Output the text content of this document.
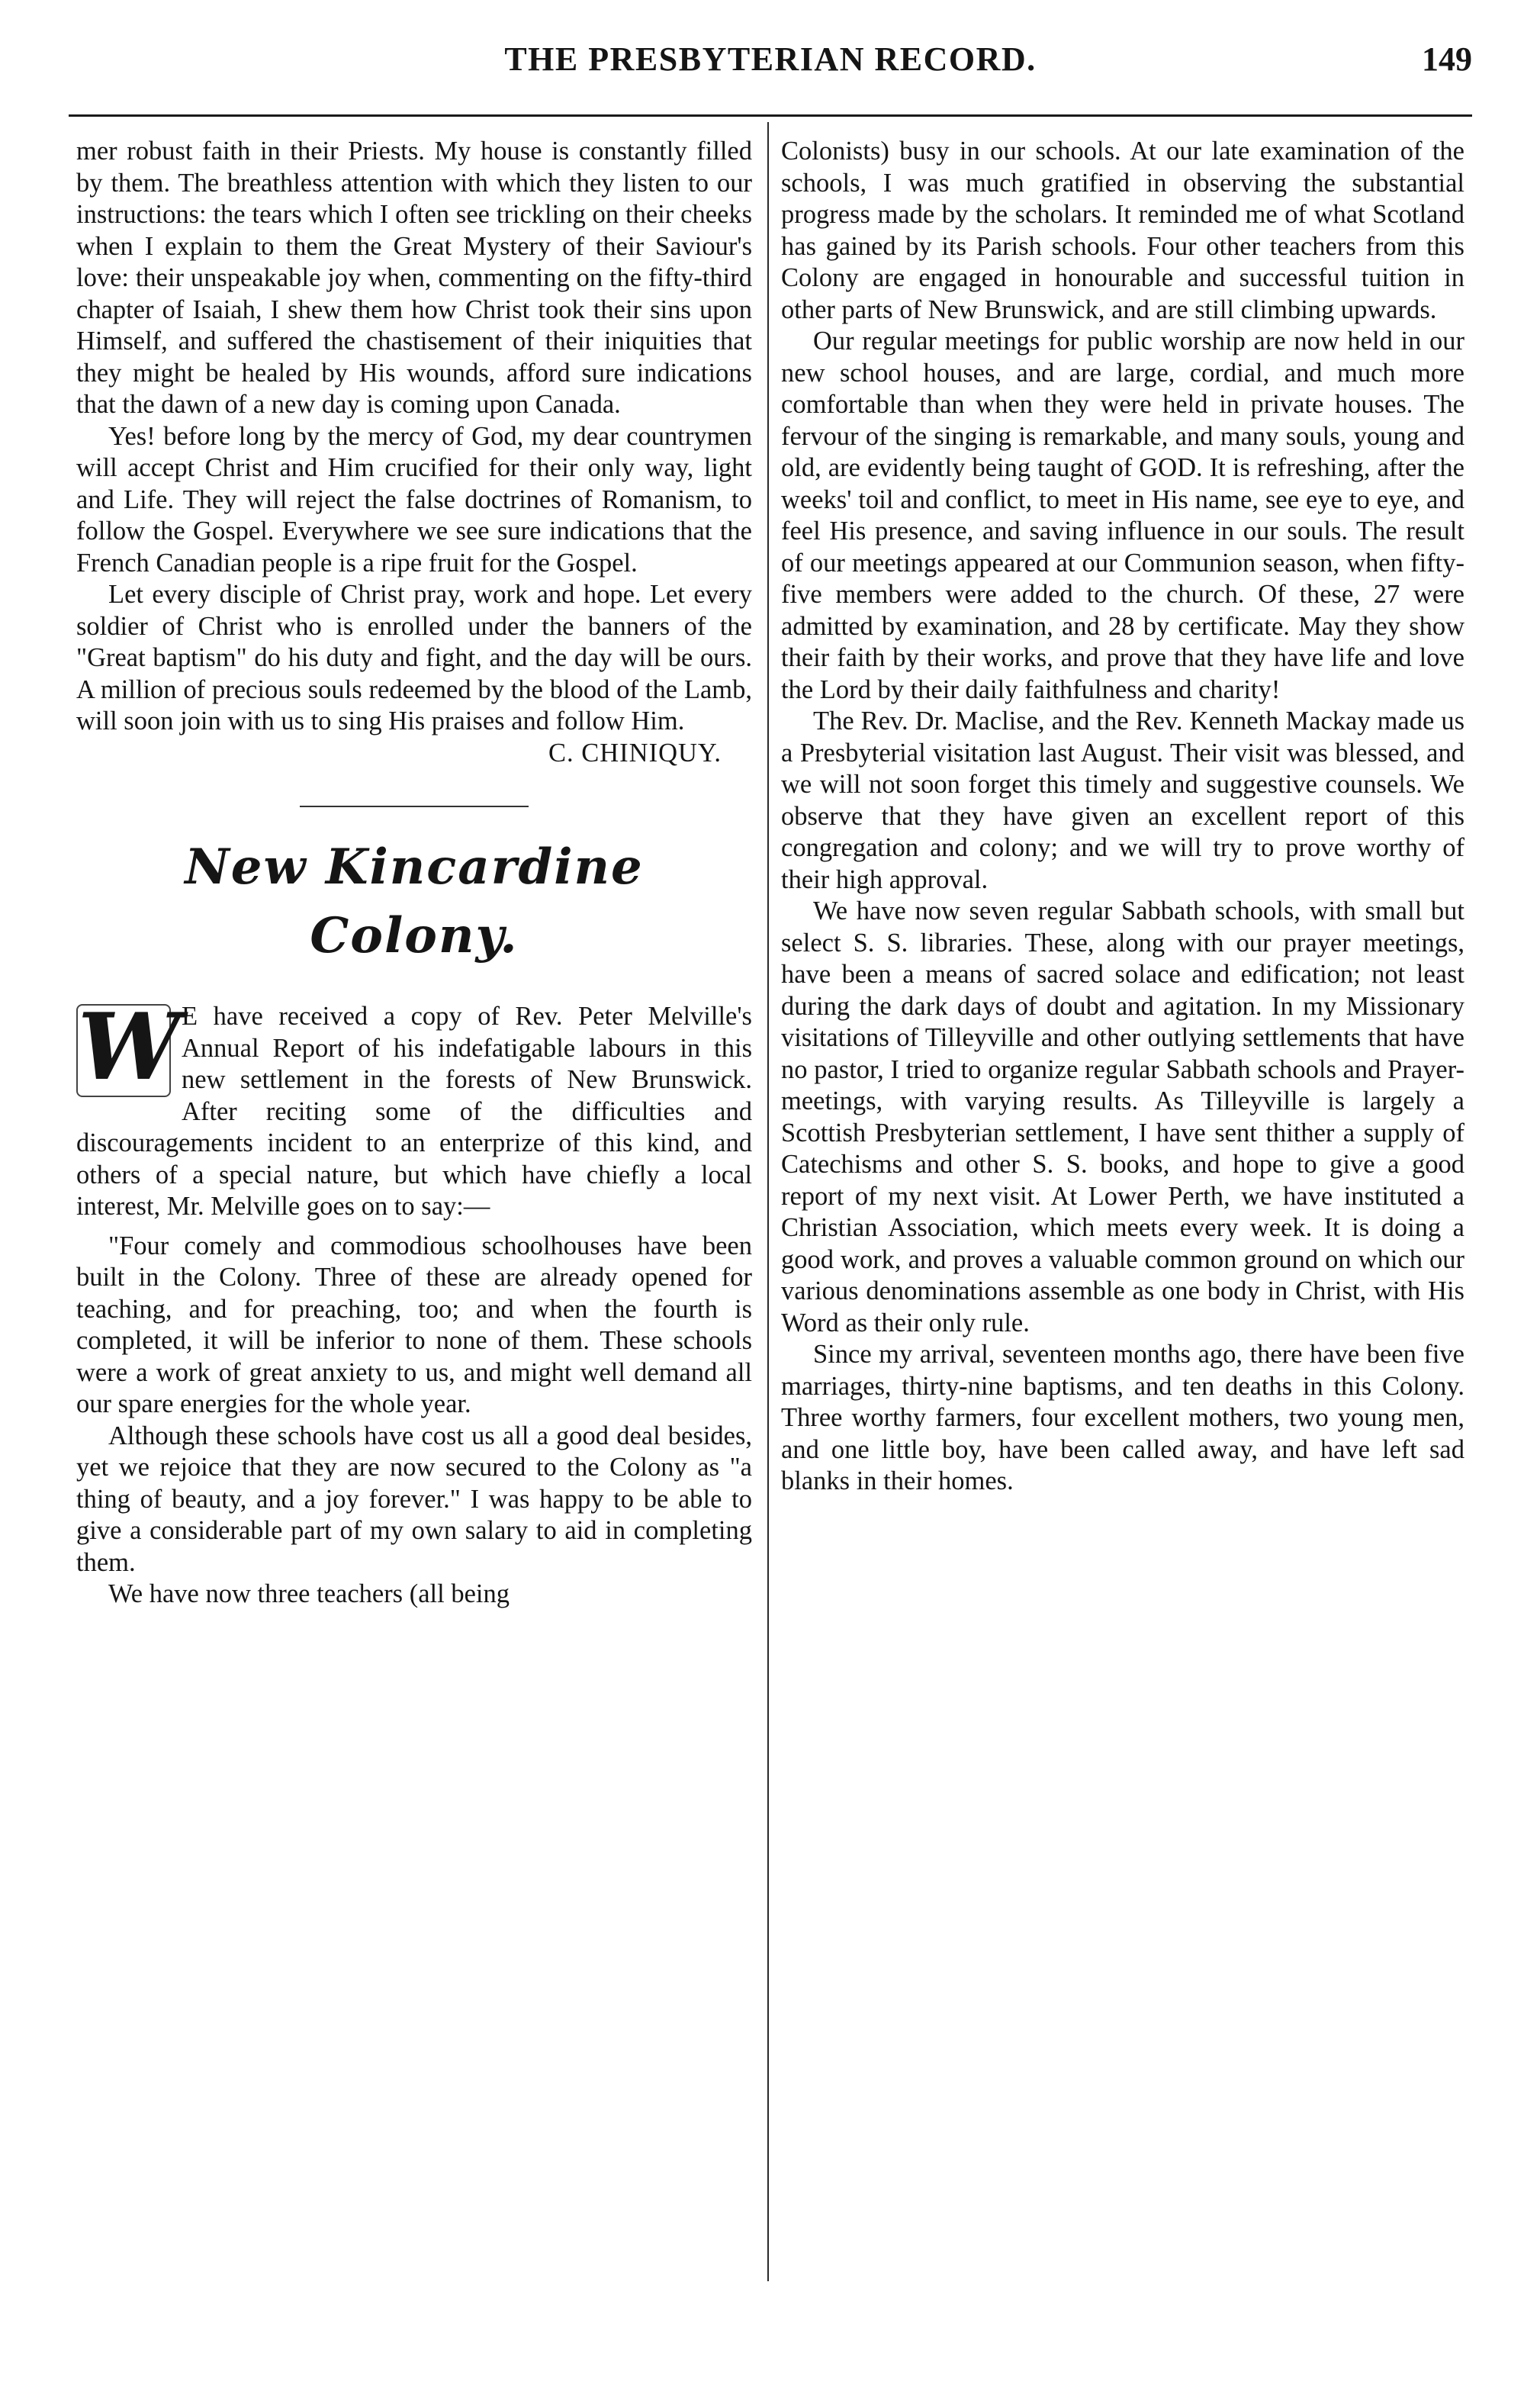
THE PRESBYTERIAN RECORD.	149

mer robust faith in their Priests. My house is constantly filled by them. The breathless attention with which they listen to our instructions: the tears which I often see trickling on their cheeks when I explain to them the Great Mystery of their Saviour's love: their unspeakable joy when, commenting on the fifty-third chapter of Isaiah, I shew them how Christ took their sins upon Himself, and suffered the chastisement of their iniquities that they might be healed by His wounds, afford sure indications that the dawn of a new day is coming upon Canada.

Yes! before long by the mercy of God, my dear countrymen will accept Christ and Him crucified for their only way, light and Life. They will reject the false doctrines of Romanism, to follow the Gospel. Everywhere we see sure indications that the French Canadian people is a ripe fruit for the Gospel.

Let every disciple of Christ pray, work and hope. Let every soldier of Christ who is enrolled under the banners of the "Great baptism" do his duty and fight, and the day will be ours. A million of precious souls redeemed by the blood of the Lamb, will soon join with us to sing His praises and follow Him.

C. CHINIQUY.

New Kincardine Colony.
W E have received a copy of Rev. Peter Melville's Annual Report of his indefatigable labours in this new settlement in the forests of New Brunswick. After reciting some of the difficulties and discouragements incident to an enterprize of this kind, and others of a special nature, but which have chiefly a local interest, Mr. Melville goes on to say:—

"Four comely and commodious schoolhouses have been built in the Colony. Three of these are already opened for teaching, and for preaching, too; and when the fourth is completed, it will be inferior to none of them. These schools were a work of great anxiety to us, and might well demand all our spare energies for the whole year.

Although these schools have cost us all a good deal besides, yet we rejoice that they are now secured to the Colony as "a thing of beauty, and a joy forever." I was happy to be able to give a considerable part of my own salary to aid in completing them.

We have now three teachers (all being

Colonists) busy in our schools. At our late examination of the schools, I was much gratified in observing the substantial progress made by the scholars. It reminded me of what Scotland has gained by its Parish schools. Four other teachers from this Colony are engaged in honourable and successful tuition in other parts of New Brunswick, and are still climbing upwards.

Our regular meetings for public worship are now held in our new school houses, and are large, cordial, and much more comfortable than when they were held in private houses. The fervour of the singing is remarkable, and many souls, young and old, are evidently being taught of GOD. It is refreshing, after the weeks' toil and conflict, to meet in His name, see eye to eye, and feel His presence, and saving influence in our souls. The result of our meetings appeared at our Communion season, when fifty-five members were added to the church. Of these, 27 were admitted by examination, and 28 by certificate. May they show their faith by their works, and prove that they have life and love the Lord by their daily faithfulness and charity!

The Rev. Dr. Maclise, and the Rev. Kenneth Mackay made us a Presbyterial visitation last August. Their visit was blessed, and we will not soon forget this timely and suggestive counsels. We observe that they have given an excellent report of this congregation and colony; and we will try to prove worthy of their high approval.

We have now seven regular Sabbath schools, with small but select S. S. libraries. These, along with our prayer meetings, have been a means of sacred solace and edification; not least during the dark days of doubt and agitation. In my Missionary visitations of Tilleyville and other outlying settlements that have no pastor, I tried to organize regular Sabbath schools and Prayer-meetings, with varying results. As Tilleyville is largely a Scottish Presbyterian settlement, I have sent thither a supply of Catechisms and other S. S. books, and hope to give a good report of my next visit. At Lower Perth, we have instituted a Christian Association, which meets every week. It is doing a good work, and proves a valuable common ground on which our various denominations assemble as one body in Christ, with His Word as their only rule.

Since my arrival, seventeen months ago, there have been five marriages, thirty-nine baptisms, and ten deaths in this Colony. Three worthy farmers, four excellent mothers, two young men, and one little boy, have been called away, and have left sad blanks in their homes.
